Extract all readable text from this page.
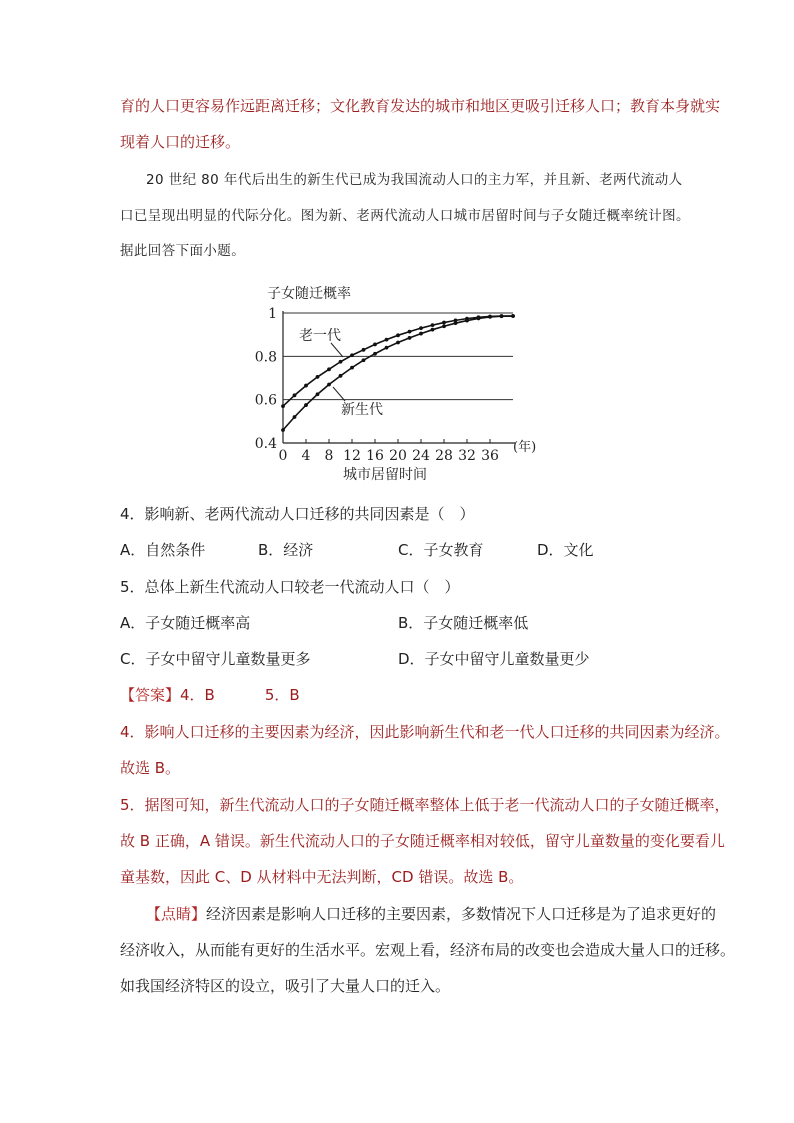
育的人口更容易作远距离迁移；文化教育发达的城市和地区更吸引迁移人口；教育本身就实
现着人口的迁移。
20 世纪 80 年代后出生的新生代已成为我国流动人口的主力军，并且新、老两代流动人
口已呈现出明显的代际分化。图为新、老两代流动人口城市居留时间与子女随迁概率统计图。
据此回答下面小题。
子女随迁概率
城市居留时间
(年)
0.4
0.6
0.8
1
0 4 8 12 16 20 24 28 32 36
老一代
新生代
4．影响新、老两代流动人口迁移的共同因素是（　）
A．自然条件	B．经济	C．子女教育	D．文化
5．总体上新生代流动人口较老一代流动人口（　）
A．子女随迁概率高	B．子女随迁概率低
C．子女中留守儿童数量更多	D．子女中留守儿童数量更少
【答案】4．B	5．B
4．影响人口迁移的主要因素为经济，因此影响新生代和老一代人口迁移的共同因素为经济。
故选 B。
5．据图可知，新生代流动人口的子女随迁概率整体上低于老一代流动人口的子女随迁概率，
故 B 正确，A 错误。新生代流动人口的子女随迁概率相对较低，留守儿童数量的变化要看儿
童基数，因此 C、D 从材料中无法判断，CD 错误。故选 B。
【点睛】经济因素是影响人口迁移的主要因素，多数情况下人口迁移是为了追求更好的
经济收入，从而能有更好的生活水平。宏观上看，经济布局的改变也会造成大量人口的迁移。
如我国经济特区的设立，吸引了大量人口的迁入。
